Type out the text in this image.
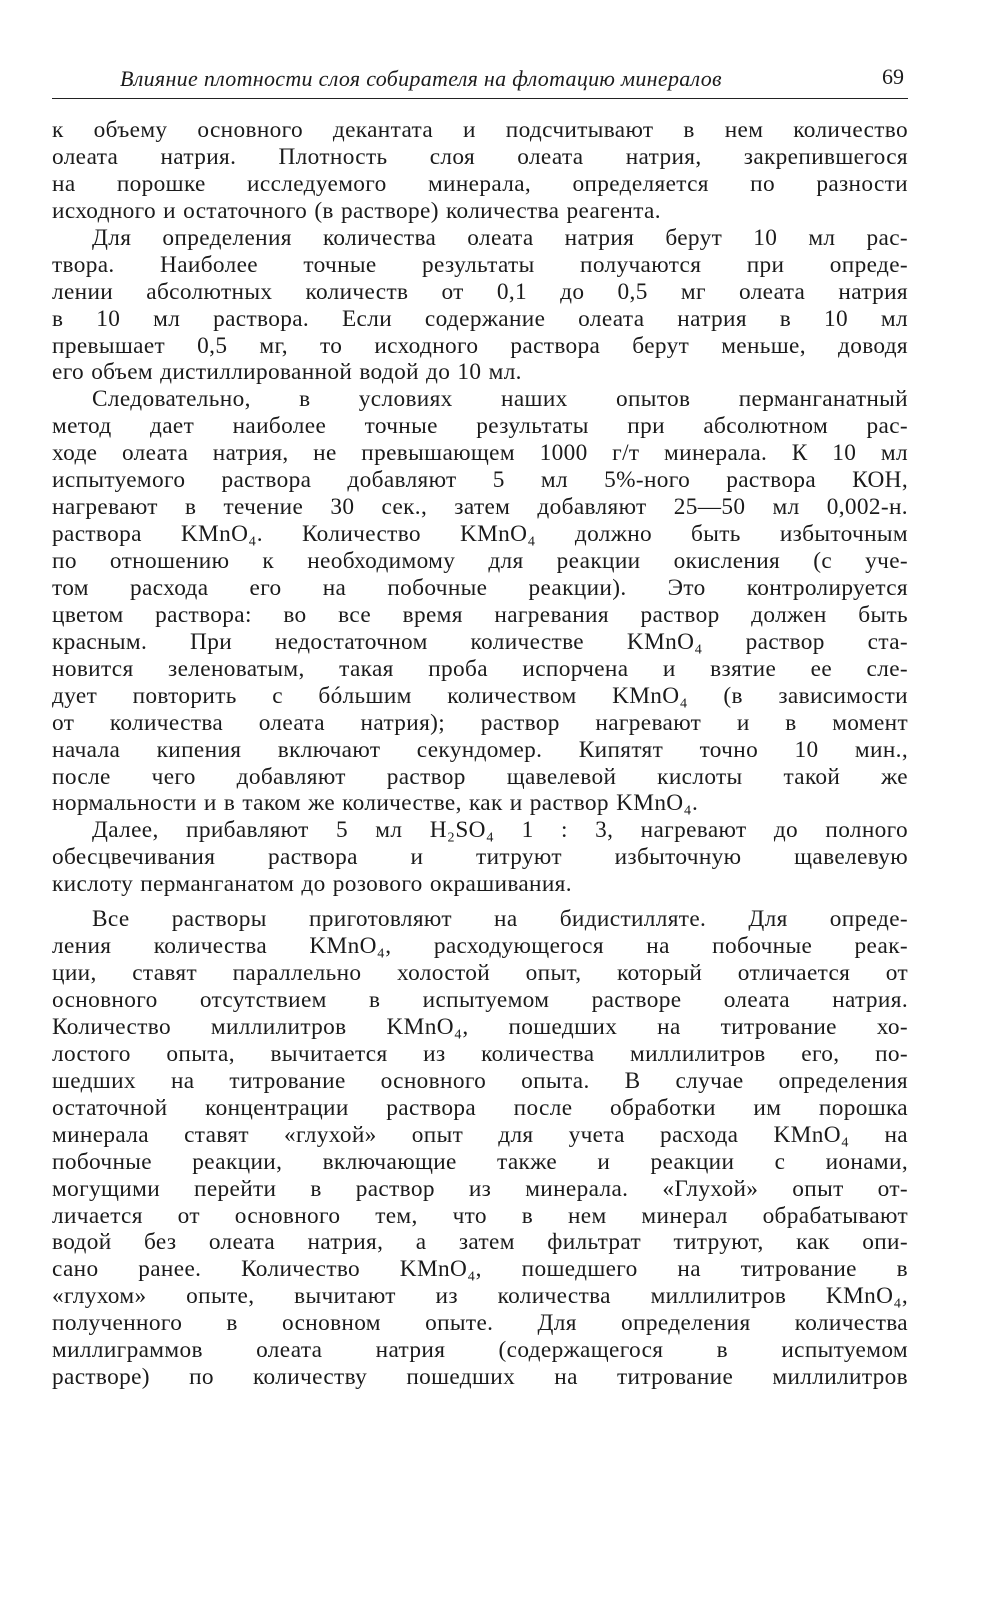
Влияние плотности слоя собирателя на флотацию минералов	69
к объему основного декантата и подсчитывают в нем количество
олеата натрия. Плотность слоя олеата натрия, закрепившегося
на порошке исследуемого минерала, определяется по разности
исходного и остаточного (в растворе) количества реагента.
Для определения количества олеата натрия берут 10 мл рас-
твора. Наиболее точные результаты получаются при опреде-
лении абсолютных количеств от 0,1 до 0,5 мг олеата натрия
в 10 мл раствора. Если содержание олеата натрия в 10 мл
превышает 0,5 мг, то исходного раствора берут меньше, доводя
его объем дистиллированной водой до 10 мл.
Следовательно, в условиях наших опытов перманганатный
метод дает наиболее точные результаты при абсолютном рас-
ходе олеата натрия, не превышающем 1000 г/т минерала. К 10 мл
испытуемого раствора добавляют 5 мл 5%-ного раствора КОН,
нагревают в течение 30 сек., затем добавляют 25—50 мл 0,002-н.
раствора KMnO₄. Количество KMnO₄ должно быть избыточным
по отношению к необходимому для реакции окисления (с уче-
том расхода его на побочные реакции). Это контролируется
цветом раствора: во все время нагревания раствор должен быть
красным. При недостаточном количестве KMnO₄ раствор ста-
новится зеленоватым, такая проба испорчена и взятие ее сле-
дует повторить с бóльшим количеством KMnO₄ (в зависимости
от количества олеата натрия); раствор нагревают и в момент
начала кипения включают секундомер. Кипятят точно 10 мин.,
после чего добавляют раствор щавелевой кислоты такой же
нормальности и в таком же количестве, как и раствор KMnO₄.
Далее, прибавляют 5 мл H₂SO₄ 1 : 3, нагревают до полного
обесцвечивания раствора и титруют избыточную щавелевую
кислоту перманганатом до розового окрашивания.
Все растворы приготовляют на бидистилляте. Для опреде-
ления количества KMnO₄, расходующегося на побочные реак-
ции, ставят параллельно холостой опыт, который отличается от
основного отсутствием в испытуемом растворе олеата натрия.
Количество миллилитров KMnO₄, пошедших на титрование хо-
лостого опыта, вычитается из количества миллилитров его, по-
шедших на титрование основного опыта. В случае определения
остаточной концентрации раствора после обработки им порошка
минерала ставят «глухой» опыт для учета расхода KMnO₄ на
побочные реакции, включающие также и реакции с ионами,
могущими перейти в раствор из минерала. «Глухой» опыт от-
личается от основного тем, что в нем минерал обрабатывают
водой без олеата натрия, а затем фильтрат титруют, как опи-
сано ранее. Количество KMnO₄, пошедшего на титрование в
«глухом» опыте, вычитают из количества миллилитров KMnO₄,
полученного в основном опыте. Для определения количества
миллиграммов олеата натрия (содержащегося в испытуемом
растворе) по количеству пошедших на титрование миллилитров
